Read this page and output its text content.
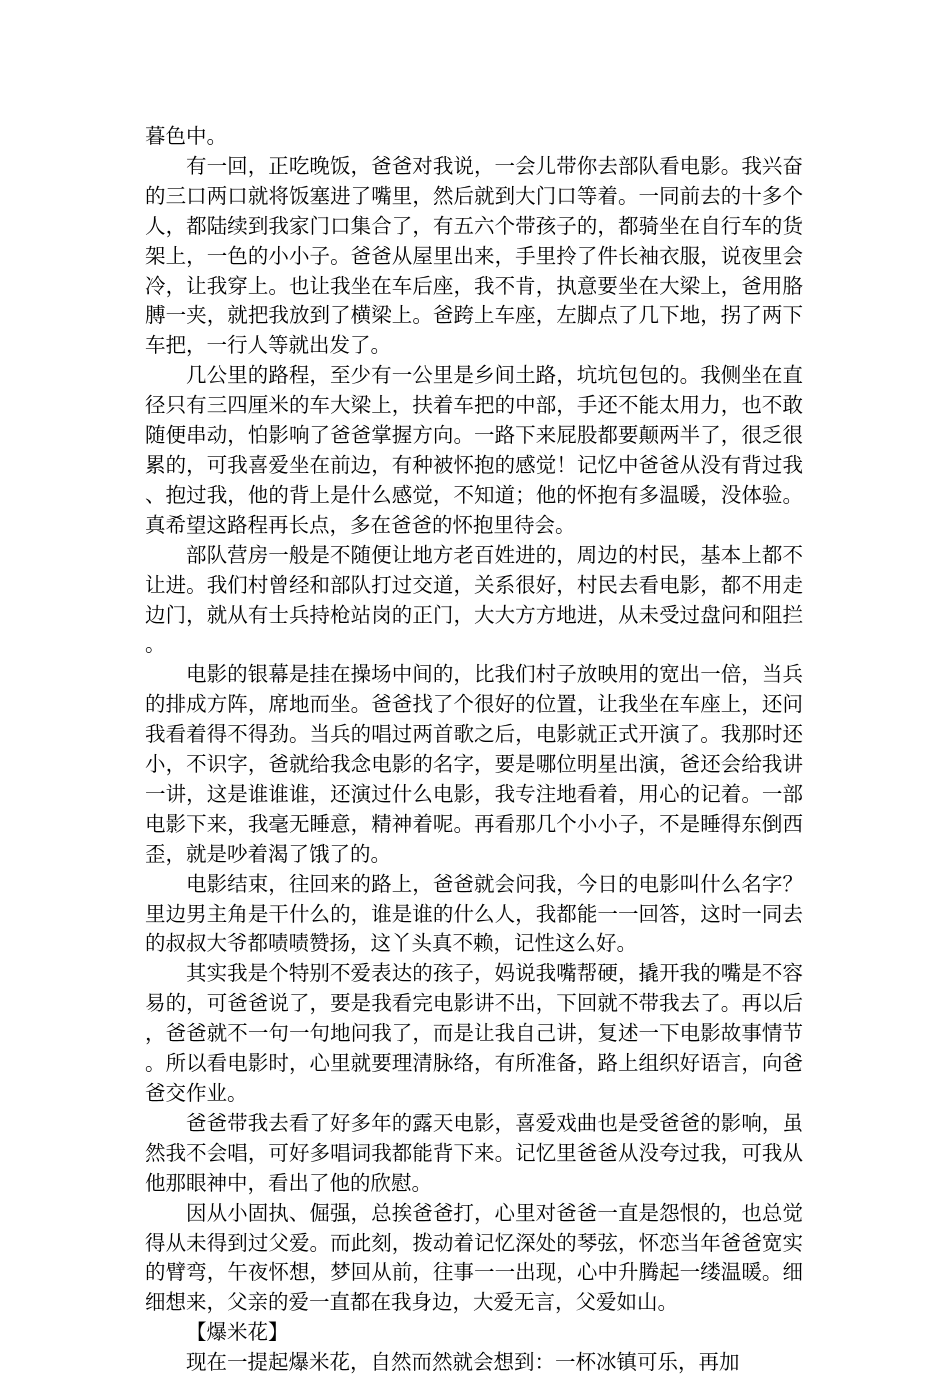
暮色中。

有一回，正吃晚饭，爸爸对我说，一会儿带你去部队看电影。我兴奋的三口两口就将饭塞进了嘴里，然后就到大门口等着。一同前去的十多个人，都陆续到我家门口集合了，有五六个带孩子的，都骑坐在自行车的货架上，一色的小小子。爸爸从屋里出来，手里拎了件长袖衣服，说夜里会冷，让我穿上。也让我坐在车后座，我不肯，执意要坐在大梁上，爸用胳膊一夹，就把我放到了横梁上。爸跨上车座，左脚点了几下地，拐了两下车把，一行人等就出发了。

几公里的路程，至少有一公里是乡间土路，坑坑包包的。我侧坐在直径只有三四厘米的车大梁上，扶着车把的中部，手还不能太用力，也不敢随便串动，怕影响了爸爸掌握方向。一路下来屁股都要颠两半了，很乏很累的，可我喜爱坐在前边，有种被怀抱的感觉！记忆中爸爸从没有背过我、抱过我，他的背上是什么感觉，不知道；他的怀抱有多温暖，没体验。真希望这路程再长点，多在爸爸的怀抱里待会。

部队营房一般是不随便让地方老百姓进的，周边的村民，基本上都不让进。我们村曾经和部队打过交道，关系很好，村民去看电影，都不用走边门，就从有士兵持枪站岗的正门，大大方方地进，从未受过盘问和阻拦。

电影的银幕是挂在操场中间的，比我们村子放映用的宽出一倍，当兵的排成方阵，席地而坐。爸爸找了个很好的位置，让我坐在车座上，还问我看着得不得劲。当兵的唱过两首歌之后，电影就正式开演了。我那时还小，不识字，爸就给我念电影的名字，要是哪位明星出演，爸还会给我讲一讲，这是谁谁谁，还演过什么电影，我专注地看着，用心的记着。一部电影下来，我毫无睡意，精神着呢。再看那几个小小子，不是睡得东倒西歪，就是吵着渴了饿了的。

电影结束，往回来的路上，爸爸就会问我，今日的电影叫什么名字？里边男主角是干什么的，谁是谁的什么人，我都能一一回答，这时一同去的叔叔大爷都啧啧赞扬，这丫头真不赖，记性这么好。

其实我是个特别不爱表达的孩子，妈说我嘴帮硬，撬开我的嘴是不容易的，可爸爸说了，要是我看完电影讲不出，下回就不带我去了。再以后，爸爸就不一句一句地问我了，而是让我自己讲，复述一下电影故事情节。所以看电影时，心里就要理清脉络，有所准备，路上组织好语言，向爸爸交作业。

爸爸带我去看了好多年的露天电影，喜爱戏曲也是受爸爸的影响，虽然我不会唱，可好多唱词我都能背下来。记忆里爸爸从没夸过我，可我从他那眼神中，看出了他的欣慰。

因从小固执、倔强，总挨爸爸打，心里对爸爸一直是怨恨的，也总觉得从未得到过父爱。而此刻，拨动着记忆深处的琴弦，怀恋当年爸爸宽实的臂弯，午夜怀想，梦回从前，往事一一出现，心中升腾起一缕温暖。细细想来，父亲的爱一直都在我身边，大爱无言，父爱如山。

【爆米花】

现在一提起爆米花，自然而然就会想到：一杯冰镇可乐，再加
